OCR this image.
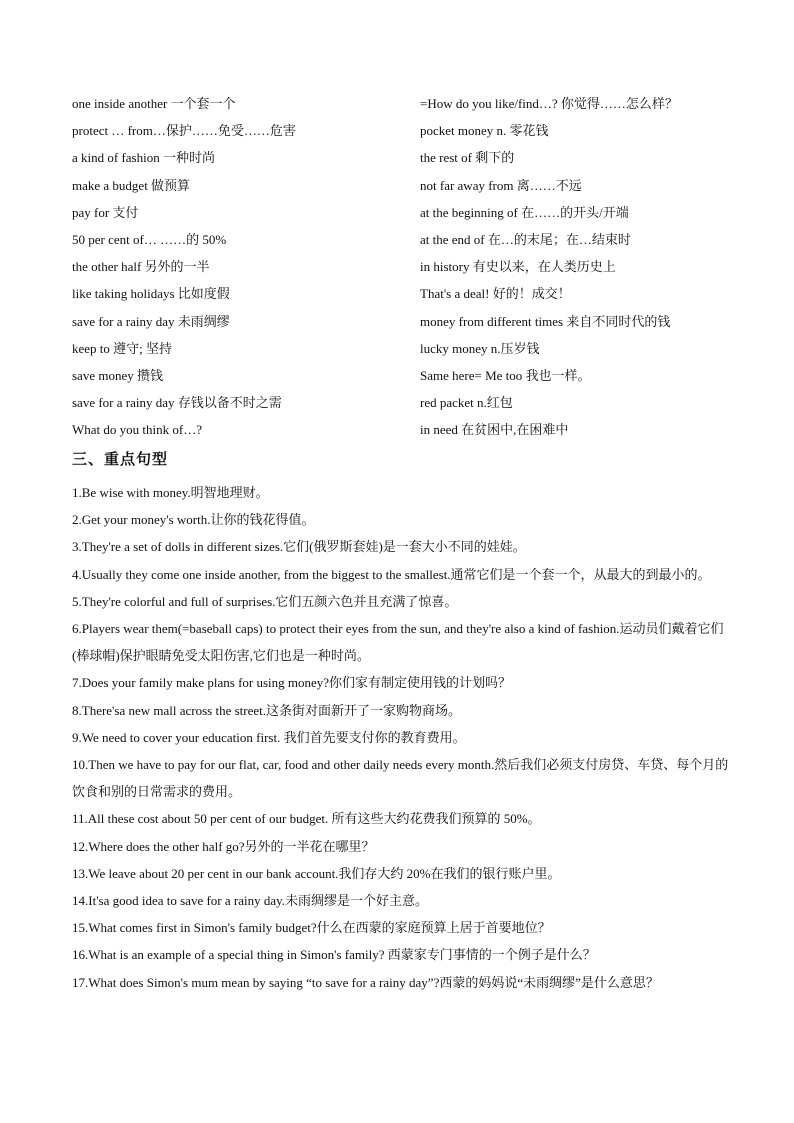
one inside another 一个套一个
protect … from…保护……免受……危害
a kind of fashion 一种时尚
make a budget 做预算
pay for 支付
50 per cent of… ……的 50%
the other half 另外的一半
like taking holidays 比如度假
save for a rainy day 未雨绸缪
keep to 遵守; 坚持
save money 攒钱
save for a rainy day 存钱以备不时之需
What do you think of…?
=How do you like/find…? 你觉得……怎么样？
pocket money n. 零花钱
the rest of 剩下的
not far away from 离……不远
at the beginning of 在……的开头/开端
at the end of 在…的末尾；在…结束时
in history 有史以来，在人类历史上
That's a deal! 好的！成交！
money from different times 来自不同时代的钱
lucky money n.压岁钱
Same here= Me too 我也一样。
red packet n.红包
in need 在贫困中,在困难中
三、重点句型

1.Be wise with money.明智地理财。

2.Get your money's worth.让你的钱花得值。

3.They're a set of dolls in different sizes.它们(俄罗斯套娃)是一套大小不同的娃娃。

4.Usually they come one inside another, from the biggest to the smallest.通常它们是一个套一个，从最大的到最小的。

5.They're colorful and full of surprises.它们五颜六色并且充满了惊喜。

6.Players wear them(=baseball caps) to protect their eyes from the sun, and they're also a kind of fashion.运动员们戴着它们(棒球帽)保护眼睛免受太阳伤害,它们也是一种时尚。

7.Does your family make plans for using money?你们家有制定使用钱的计划吗？

8.There'sa new mall across the street.这条街对面新开了一家购物商场。

9.We need to cover your education first. 我们首先要支付你的教育费用。

10.Then we have to pay for our flat, car, food and other daily needs every month.然后我们必须支付房贷、车贷、每个月的饮食和别的日常需求的费用。

11.All these cost about 50 per cent of our budget. 所有这些大约花费我们预算的 50%。

12.Where does the other half go?另外的一半花在哪里？

13.We leave about 20 per cent in our bank account.我们存大约 20%在我们的银行账户里。

14.It'sa good idea to save for a rainy day.未雨绸缪是一个好主意。

15.What comes first in Simon's family budget?什么在西蒙的家庭预算上居于首要地位？

16.What is an example of a special thing in Simon's family? 西蒙家专门事情的一个例子是什么？

17.What does Simon's mum mean by saying “to save for a rainy day”?西蒙的妈妈说“未雨绸缪”是什么意思？
